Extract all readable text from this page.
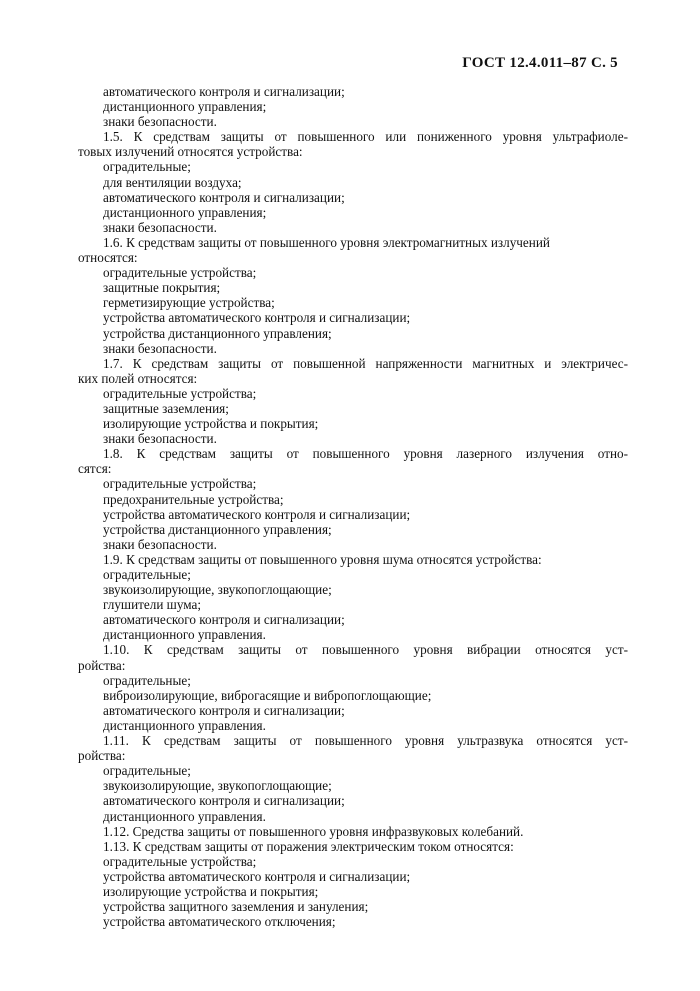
ГОСТ 12.4.011–87 С. 5
автоматического контроля и сигнализации;
дистанционного управления;
знаки безопасности.
1.5. К средствам защиты от повышенного или пониженного уровня ультрафиоле-
товых излучений относятся устройства:
оградительные;
для вентиляции воздуха;
автоматического контроля и сигнализации;
дистанционного управления;
знаки безопасности.
1.6. К средствам защиты от повышенного уровня электромагнитных излучений
относятся:
оградительные устройства;
защитные покрытия;
герметизирующие устройства;
устройства автоматического контроля и сигнализации;
устройства дистанционного управления;
знаки безопасности.
1.7. К средствам защиты от повышенной напряженности магнитных и электричес-
ких полей относятся:
оградительные устройства;
защитные заземления;
изолирующие устройства и покрытия;
знаки безопасности.
1.8. К средствам защиты от повышенного уровня лазерного излучения отно-
сятся:
оградительные устройства;
предохранительные устройства;
устройства автоматического контроля и сигнализации;
устройства дистанционного управления;
знаки безопасности.
1.9. К средствам защиты от повышенного уровня шума относятся устройства:
оградительные;
звукоизолирующие, звукопоглощающие;
глушители шума;
автоматического контроля и сигнализации;
дистанционного управления.
1.10. К средствам защиты от повышенного уровня вибрации относятся уст-
ройства:
оградительные;
виброизолирующие, виброгасящие и вибропоглощающие;
автоматического контроля и сигнализации;
дистанционного управления.
1.11. К средствам защиты от повышенного уровня ультразвука относятся уст-
ройства:
оградительные;
звукоизолирующие, звукопоглощающие;
автоматического контроля и сигнализации;
дистанционного управления.
1.12. Средства защиты от повышенного уровня инфразвуковых колебаний.
1.13. К средствам защиты от поражения электрическим током относятся:
оградительные устройства;
устройства автоматического контроля и сигнализации;
изолирующие устройства и покрытия;
устройства защитного заземления и зануления;
устройства автоматического отключения;
